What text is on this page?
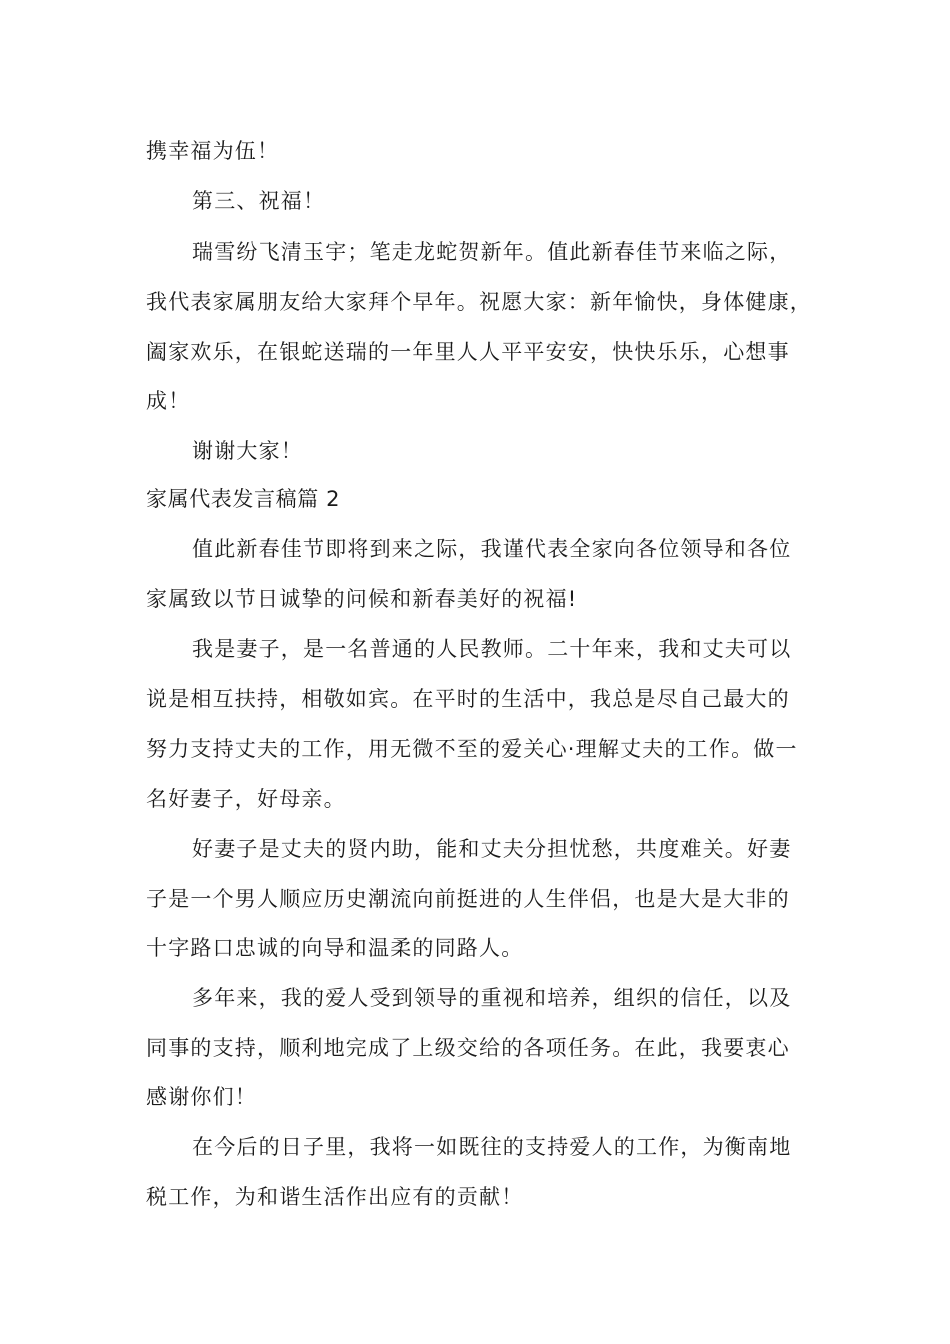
携幸福为伍！
第三、祝福！
瑞雪纷飞清玉宇；笔走龙蛇贺新年。值此新春佳节来临之际，
我代表家属朋友给大家拜个早年。祝愿大家：新年愉快，身体健康，
阖家欢乐，在银蛇送瑞的一年里人人平平安安，快快乐乐，心想事
成！
谢谢大家！
家属代表发言稿篇 2
值此新春佳节即将到来之际，我谨代表全家向各位领导和各位
家属致以节日诚挚的问候和新春美好的祝福!
我是妻子，是一名普通的人民教师。二十年来，我和丈夫可以
说是相互扶持，相敬如宾。在平时的生活中，我总是尽自己最大的
努力支持丈夫的工作，用无微不至的爱关心·理解丈夫的工作。做一
名好妻子，好母亲。
好妻子是丈夫的贤内助，能和丈夫分担忧愁，共度难关。好妻
子是一个男人顺应历史潮流向前挺进的人生伴侣，也是大是大非的
十字路口忠诚的向导和温柔的同路人。
多年来，我的爱人受到领导的重视和培养，组织的信任，以及
同事的支持，顺利地完成了上级交给的各项任务。在此，我要衷心
感谢你们！
在今后的日子里，我将一如既往的支持爱人的工作，为衡南地
税工作，为和谐生活作出应有的贡献！
